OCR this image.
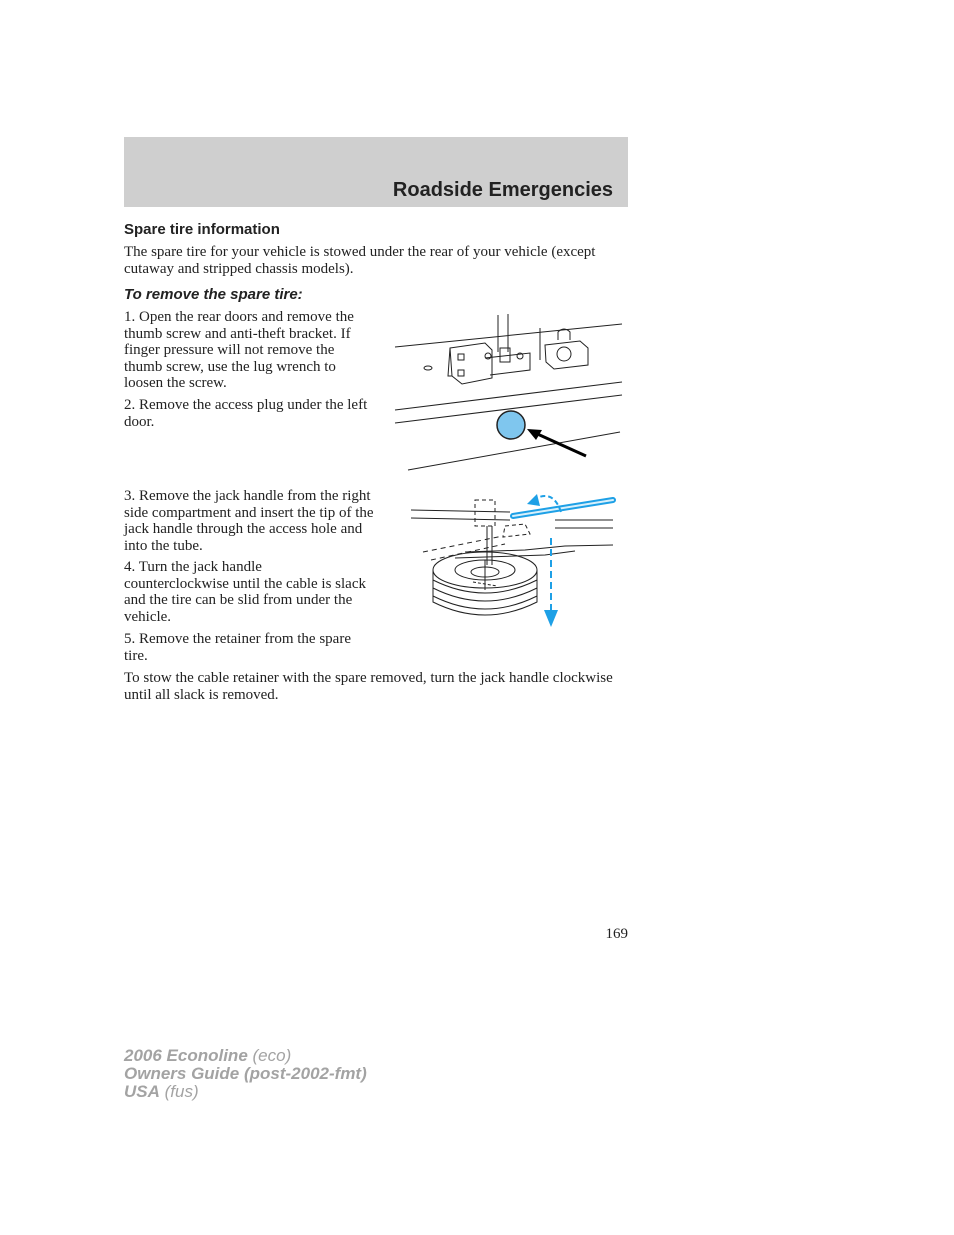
Roadside Emergencies
Spare tire information

The spare tire for your vehicle is stowed under the rear of your vehicle (except cutaway and stripped chassis models).

To remove the spare tire:

1. Open the rear doors and remove the thumb screw and anti-theft bracket. If finger pressure will not remove the thumb screw, use the lug wrench to loosen the screw.

2. Remove the access plug under the left door.

3. Remove the jack handle from the right side compartment and insert the tip of the jack handle through the access hole and into the tube.

4. Turn the jack handle counterclockwise until the cable is slack and the tire can be slid from under the vehicle.

5. Remove the retainer from the spare tire.

To stow the cable retainer with the spare removed, turn the jack handle clockwise until all slack is removed.

169
2006 Econoline (eco)
Owners Guide (post-2002-fmt)
USA (fus)
